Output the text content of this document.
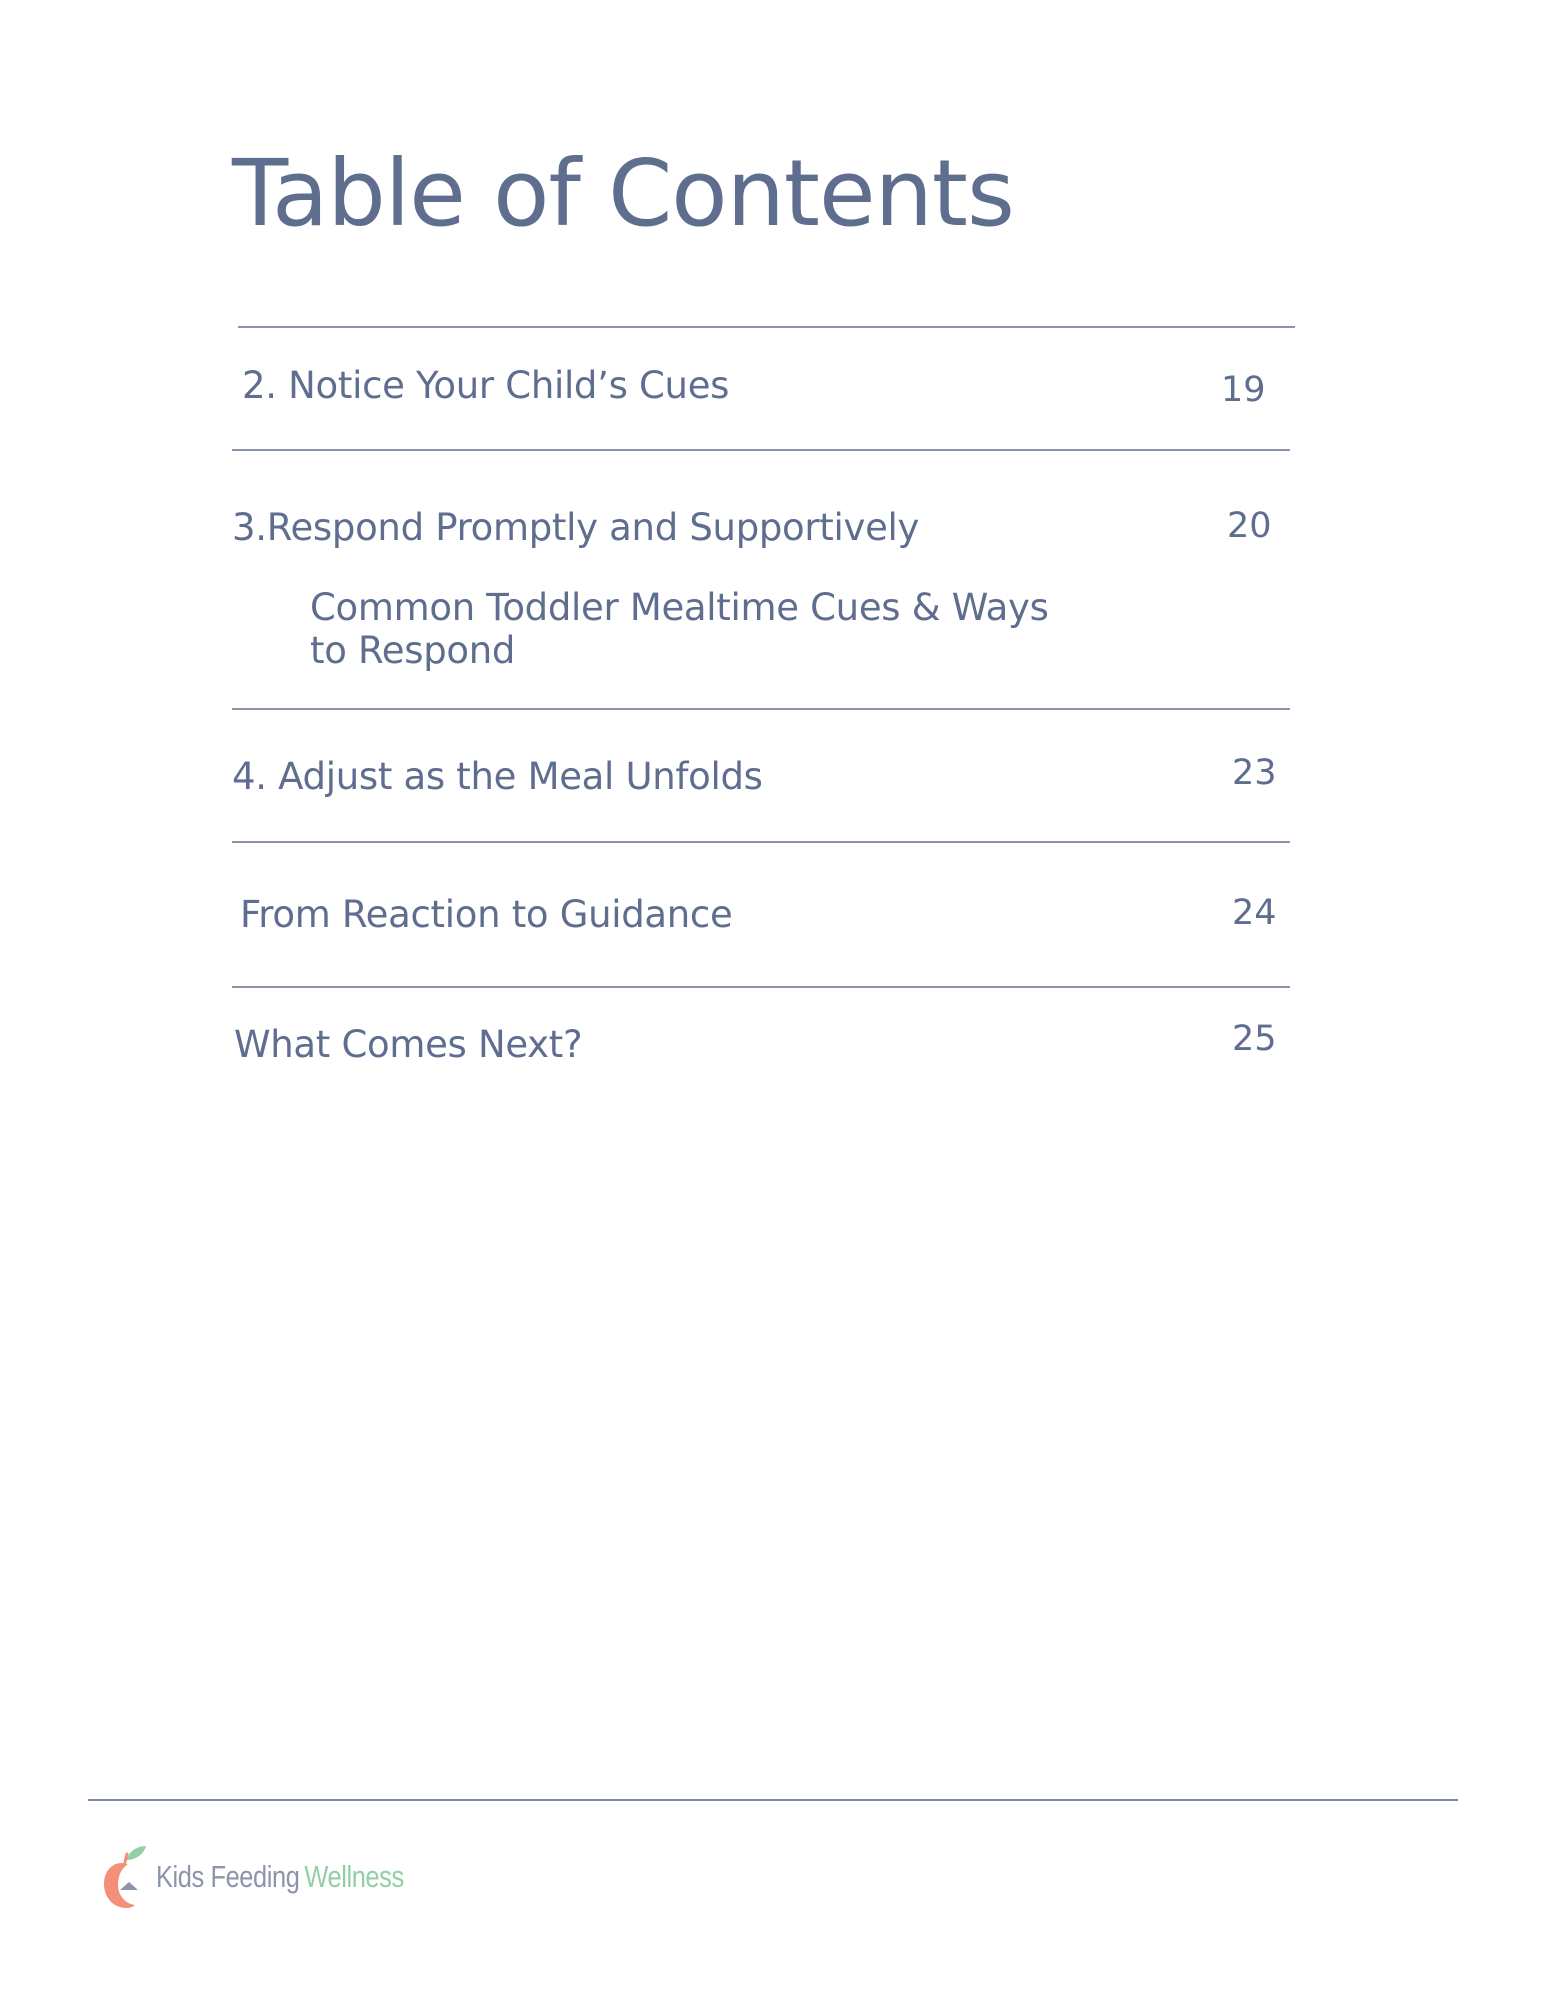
Table of Contents
2. Notice Your Child’s Cues	19
3.Respond Promptly and Supportively	20
Common Toddler Mealtime Cues & Ways to Respond
4. Adjust as the Meal Unfolds	23
From Reaction to Guidance	24
What Comes Next?	25
Kids Feeding Wellness
